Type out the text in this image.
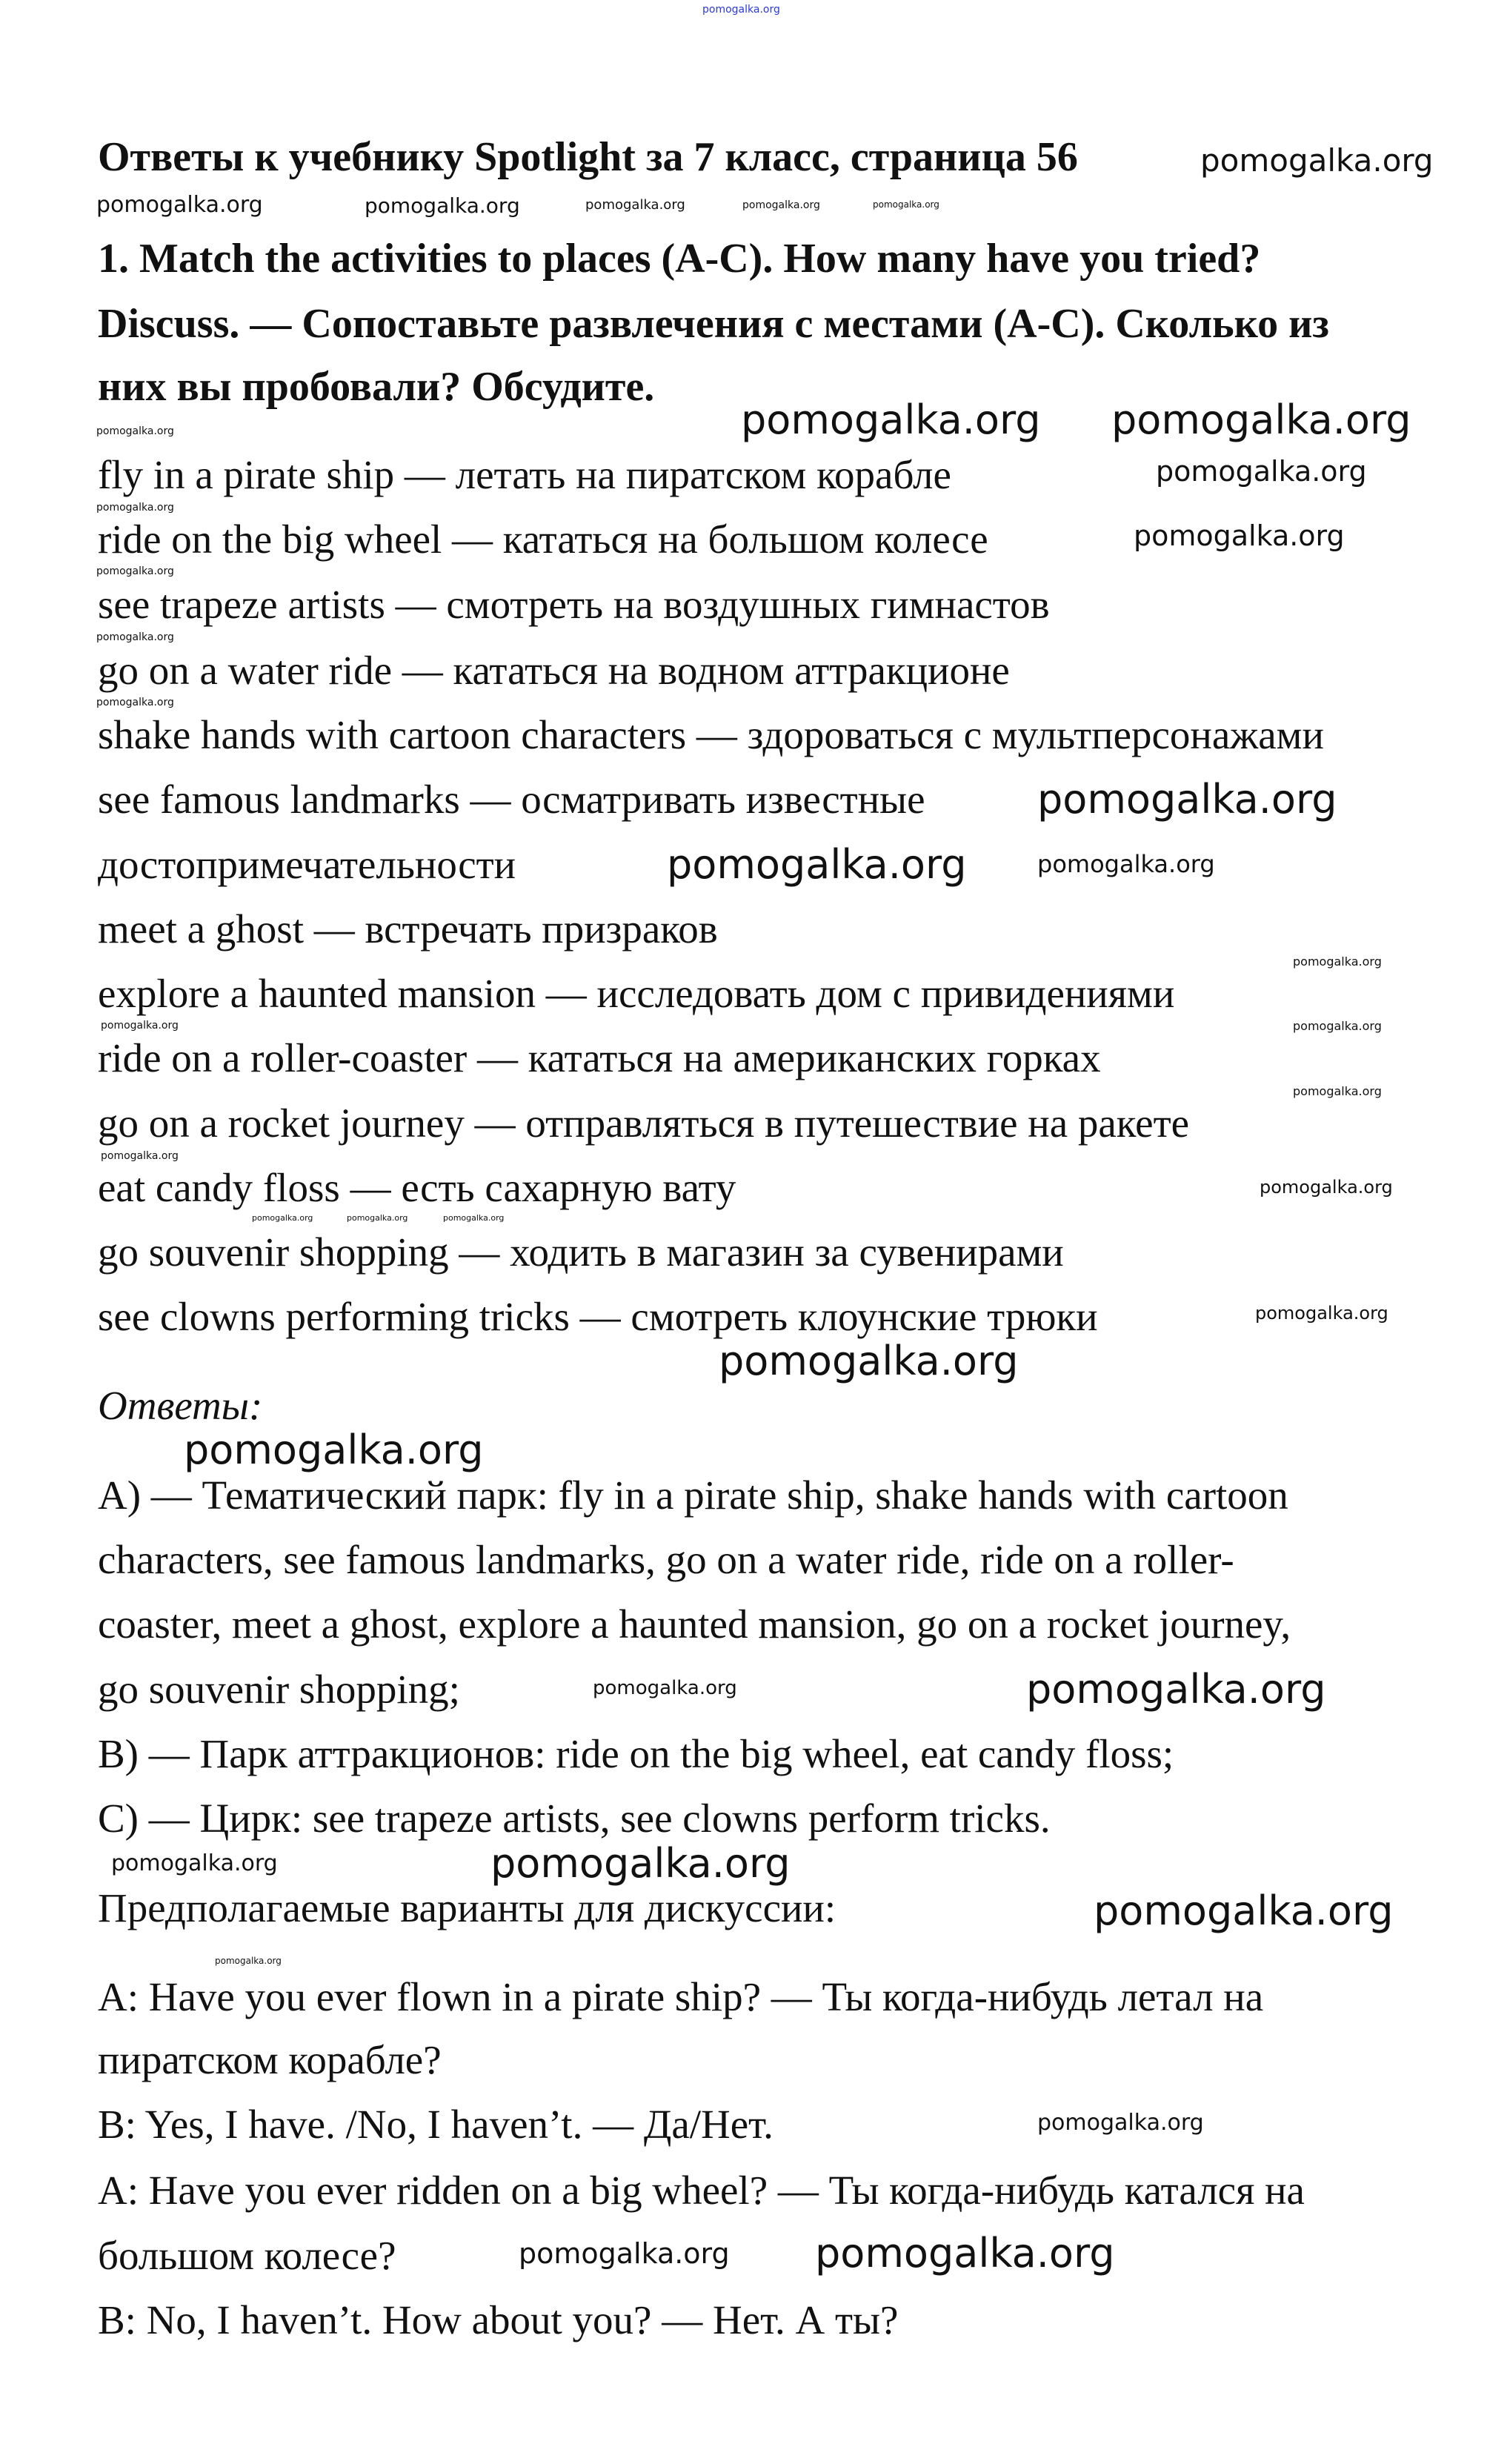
Ответы к учебнику Spotlight за 7 класс, страница 56
1. Match the activities to places (A-C). How many have you tried?
Discuss. — Сопоставьте развлечения с местами (A-C). Сколько из
них вы пробовали? Обсудите.
fly in a pirate ship — летать на пиратском корабле
ride on the big wheel — кататься на большом колесе
see trapeze artists — смотреть на воздушных гимнастов
go on a water ride — кататься на водном аттракционе
shake hands with cartoon characters — здороваться с мультперсонажами
see famous landmarks — осматривать известные
достопримечательности
meet a ghost — встречать призраков
explore a haunted mansion — исследовать дом с привидениями
ride on a roller-coaster — кататься на американских горках
go on a rocket journey — отправляться в путешествие на ракете
eat candy floss — есть сахарную вату
go souvenir shopping — ходить в магазин за сувенирами
see clowns performing tricks — смотреть клоунские трюки
Ответы:
A) — Тематический парк: fly in a pirate ship, shake hands with cartoon
characters, see famous landmarks, go on a water ride, ride on a roller-
coaster, meet a ghost, explore a haunted mansion, go on a rocket journey,
go souvenir shopping;
B) — Парк аттракционов: ride on the big wheel, eat candy floss;
C) — Цирк: see trapeze artists, see clowns perform tricks.
Предполагаемые варианты для дискуссии:
A: Have you ever flown in a pirate ship? — Ты когда-нибудь летал на
пиратском корабле?
B: Yes, I have. /No, I haven’t. — Да/Нет.
A: Have you ever ridden on a big wheel? — Ты когда-нибудь катался на
большом колесе?
B: No, I haven’t. How about you? — Нет. А ты?
pomogalka.org
pomogalka.org
pomogalka.org	pomogalka.org	pomogalka.org	pomogalka.org	pomogalka.org
pomogalka.org	pomogalka.org pomogalka.org
pomogalka.org
pomogalka.org
pomogalka.org
pomogalka.org
pomogalka.org
pomogalka.org
pomogalka.org
pomogalka.org
pomogalka.org
pomogalka.org
pomogalka.org
pomogalka.org
pomogalka.org
pomogalka.org
pomogalka.org	pomogalka.org	pomogalka.org
pomogalka.org
pomogalka.org
pomogalka.org
pomogalka.org
pomogalka.org
pomogalka.org
pomogalka.org	pomogalka.org
pomogalka.org
pomogalka.org
pomogalka.org
pomogalka.org
pomogalka.org
